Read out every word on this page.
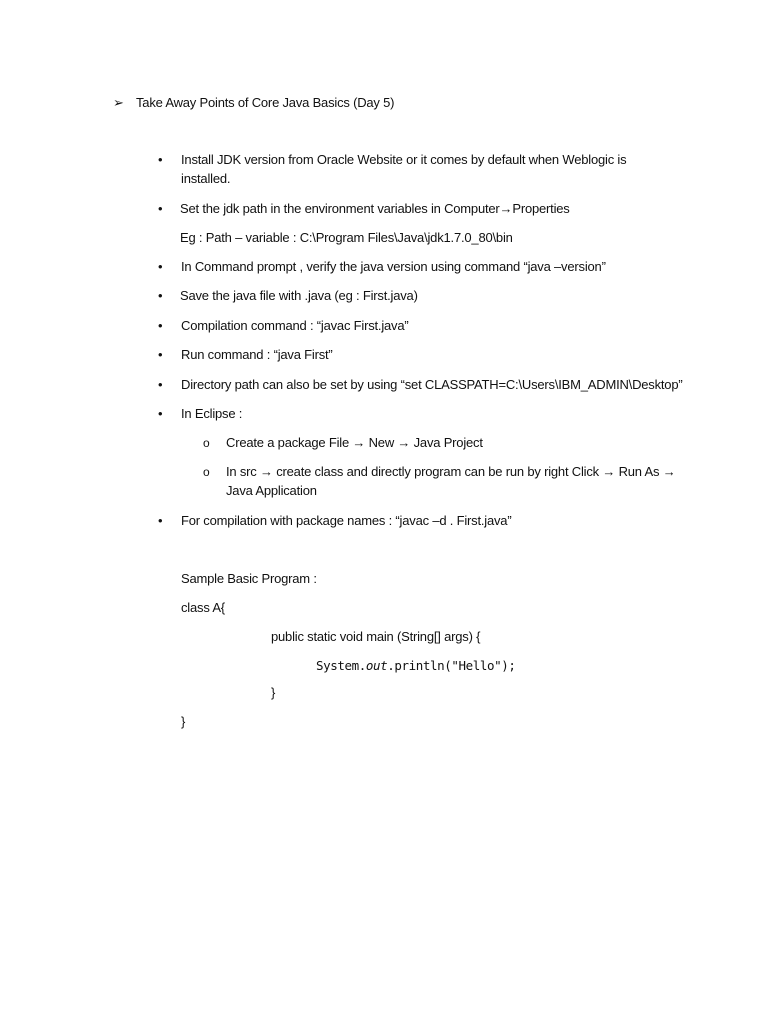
➢ Take Away Points of Core Java Basics (Day 5)
• Install JDK version from Oracle Website or it comes by default when Weblogic is
installed.
• Set the jdk path in the environment variables in Computer→Properties
Eg : Path – variable : C:\Program Files\Java\jdk1.7.0_80\bin
• In Command prompt , verify the java version using command “java –version”
• Save the java file with .java (eg : First.java)
• Compilation command : “javac First.java”
• Run command : “java First”
• Directory path can also be set by using “set CLASSPATH=C:\Users\IBM_ADMIN\Desktop”
• In Eclipse :
o Create a package File → New → Java Project
o In src → create class and directly program can be run by right Click → Run As →
Java Application
• For compilation with package names : “javac –d . First.java”
Sample Basic Program :
class A{
public static void main (String[] args) {
System.out.println("Hello");
}
}
